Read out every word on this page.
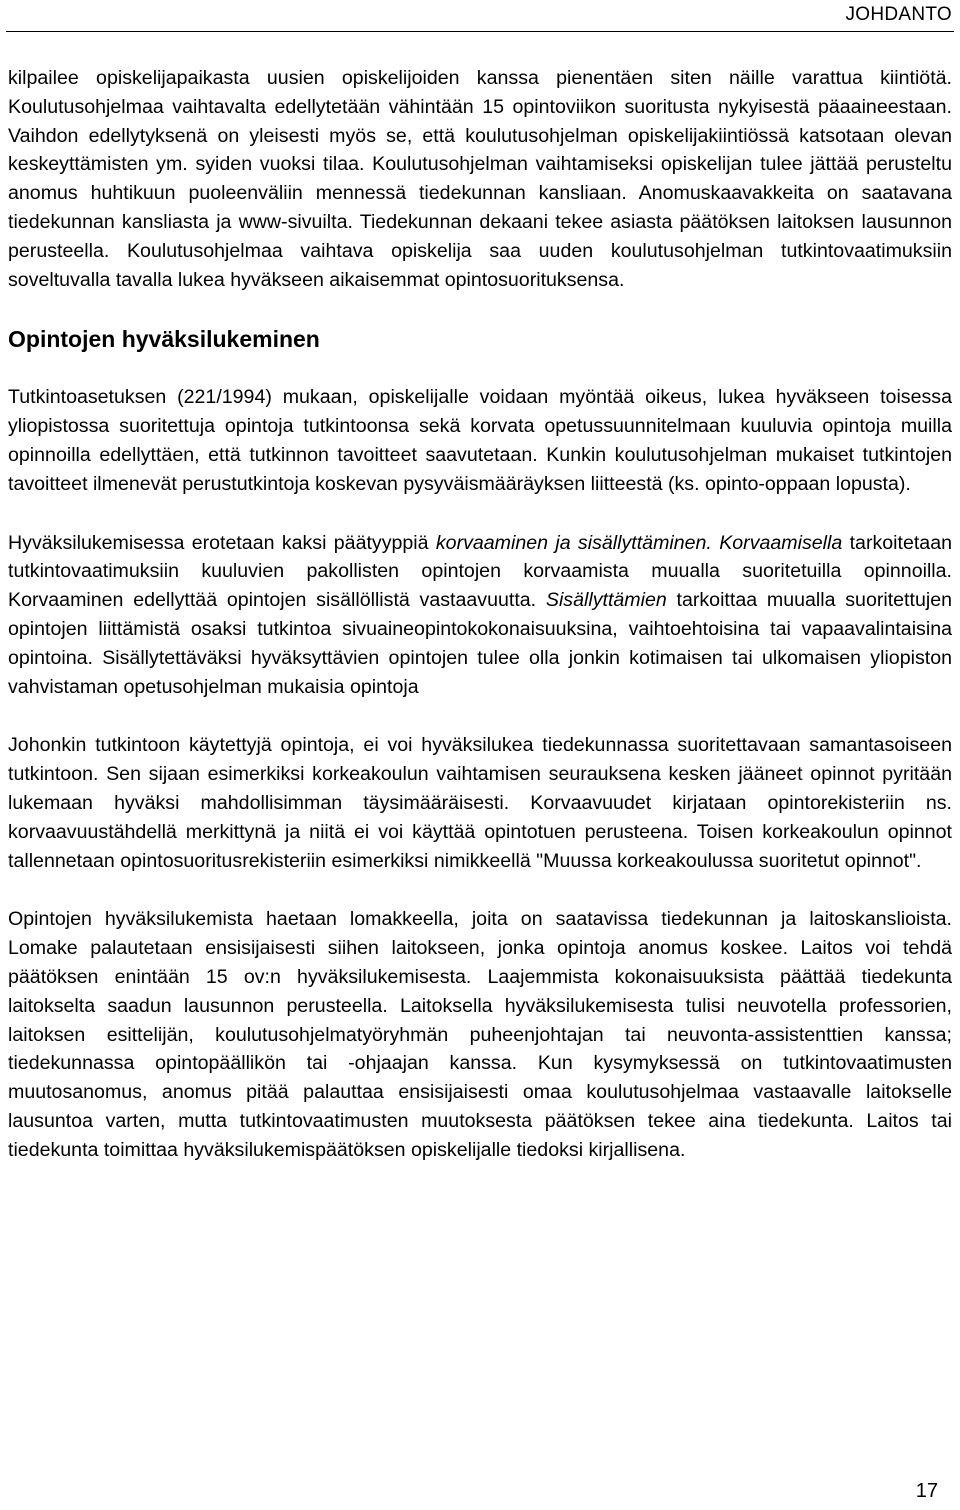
JOHDANTO

kilpailee opiskelijapaikasta uusien opiskelijoiden kanssa pienentäen siten näille varattua kiintiötä. Koulutusohjelmaa vaihtavalta edellytetään vähintään 15 opintoviikon suoritusta nykyisestä päaaineestaan. Vaihdon edellytyksenä on yleisesti myös se, että koulutusohjelman opiskelijakiintiössä katsotaan olevan keskeyttämisten ym. syiden vuoksi tilaa. Koulutusohjelman vaihtamiseksi opiskelijan tulee jättää perusteltu anomus huhtikuun puoleenväliin mennessä tiedekunnan kansliaan. Anomuskaavakkeita on saatavana tiedekunnan kansliasta ja www-sivuilta. Tiedekunnan dekaani tekee asiasta päätöksen laitoksen lausunnon perusteella. Koulutusohjelmaa vaihtava opiskelija saa uuden koulutusohjelman tutkintovaatimuksiin soveltuvalla tavalla lukea hyväkseen aikaisemmat opintosuorituksensa.

Opintojen hyväksilukeminen

Tutkintoasetuksen (221/1994) mukaan, opiskelijalle voidaan myöntää oikeus, lukea hyväkseen toisessa yliopistossa suoritettuja opintoja tutkintoonsa sekä korvata opetussuunnitelmaan kuuluvia opintoja muilla opinnoilla edellyttäen, että tutkinnon tavoitteet saavutetaan. Kunkin koulutusohjelman mukaiset tutkintojen tavoitteet ilmenevät perustutkintoja koskevan pysyväismääräyksen liitteestä (ks. opinto-oppaan lopusta).

Hyväksilukemisessa erotetaan kaksi päätyyppiä korvaaminen ja sisällyttäminen. Korvaamisella tarkoitetaan tutkintovaatimuksiin kuuluvien pakollisten opintojen korvaamista muualla suoritetuilla opinnoilla. Korvaaminen edellyttää opintojen sisällöllistä vastaavuutta. Sisällyttämien tarkoittaa muualla suoritettujen opintojen liittämistä osaksi tutkintoa sivuaineopintokokonaisuuksina, vaihtoehtoisina tai vapaavalintaisina opintoina. Sisällytettäväksi hyväksyttävien opintojen tulee olla jonkin kotimaisen tai ulkomaisen yliopiston vahvistaman opetusohjelman mukaisia opintoja

Johonkin tutkintoon käytettyjä opintoja, ei voi hyväksilukea tiedekunnassa suoritettavaan samantasoiseen tutkintoon. Sen sijaan esimerkiksi korkeakoulun vaihtamisen seurauksena kesken jääneet opinnot pyritään lukemaan hyväksi mahdollisimman täysimääräisesti. Korvaavuudet kirjataan opintorekisteriin ns. korvaavuustähdellä merkittynä ja niitä ei voi käyttää opintotuen perusteena. Toisen korkeakoulun opinnot tallennetaan opintosuoritusrekisteriin esimerkiksi nimikkeellä "Muussa korkeakoulussa suoritetut opinnot".

Opintojen hyväksilukemista haetaan lomakkeella, joita on saatavissa tiedekunnan ja laitoskanslioista. Lomake palautetaan ensisijaisesti siihen laitokseen, jonka opintoja anomus koskee. Laitos voi tehdä päätöksen enintään 15 ov:n hyväksilukemisesta. Laajemmista kokonaisuuksista päättää tiedekunta laitokselta saadun lausunnon perusteella. Laitoksella hyväksilukemisesta tulisi neuvotella professorien, laitoksen esittelijän, koulutusohjelmatyöryhmän puheenjohtajan tai neuvonta-assistenttien kanssa; tiedekunnassa opintopäällikön tai -ohjaajan kanssa. Kun kysymyksessä on tutkintovaatimusten muutosanomus, anomus pitää palauttaa ensisijaisesti omaa koulutusohjelmaa vastaavalle laitokselle lausuntoa varten, mutta tutkintovaatimusten muutoksesta päätöksen tekee aina tiedekunta. Laitos tai tiedekunta toimittaa hyväksilukemispäätöksen opiskelijalle tiedoksi kirjallisena.

17
